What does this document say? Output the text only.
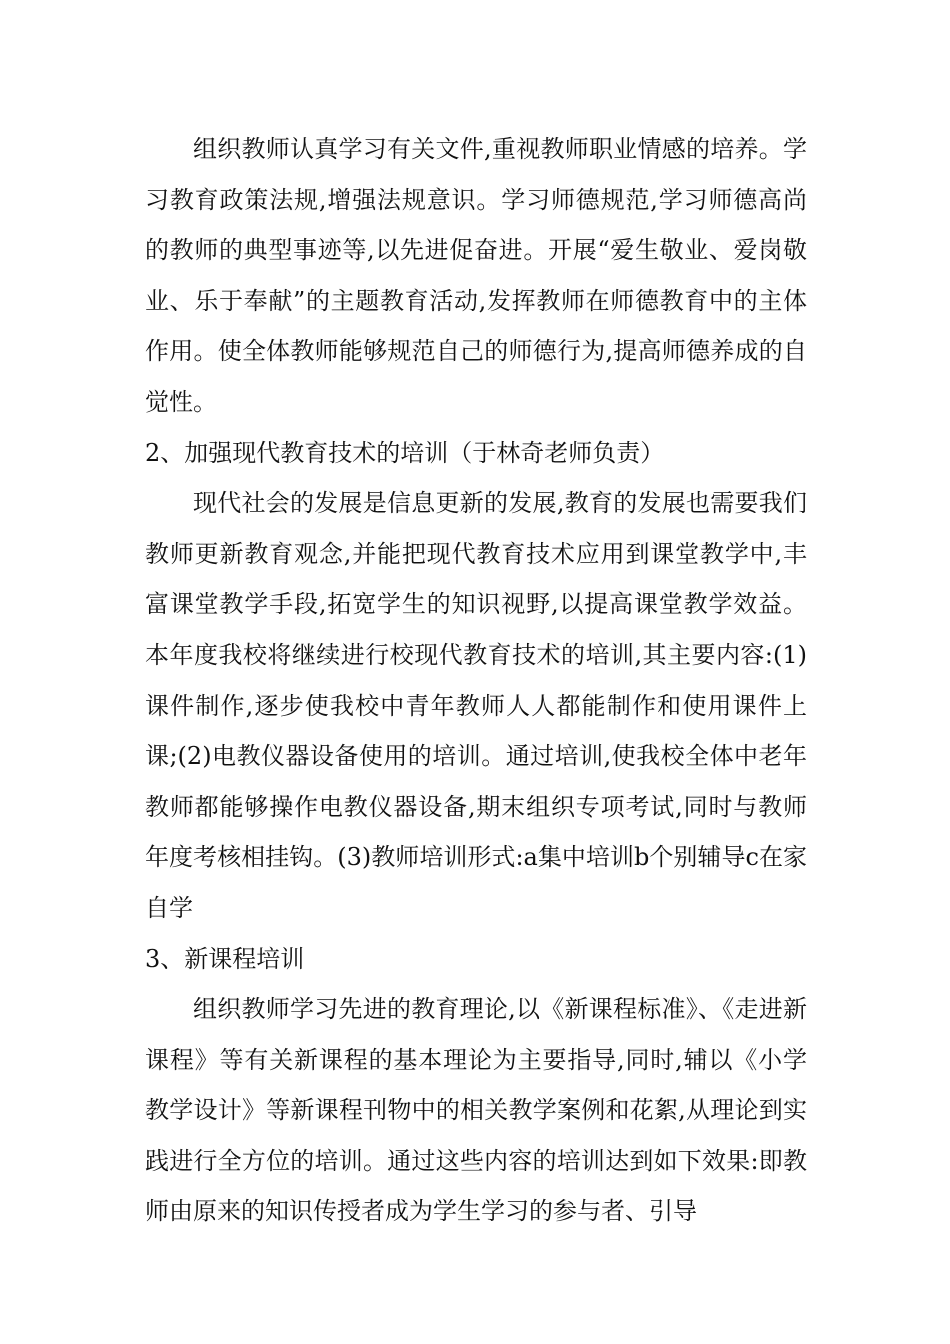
组织教师认真学习有关文件,重视教师职业情感的培养。学习教育政策法规,增强法规意识。学习师德规范,学习师德高尚的教师的典型事迹等,以先进促奋进。开展“爱生敬业、爱岗敬业、乐于奉献”的主题教育活动,发挥教师在师德教育中的主体作用。使全体教师能够规范自己的师德行为,提高师德养成的自觉性。

2、加强现代教育技术的培训（于林奇老师负责）

现代社会的发展是信息更新的发展,教育的发展也需要我们教师更新教育观念,并能把现代教育技术应用到课堂教学中,丰富课堂教学手段,拓宽学生的知识视野,以提高课堂教学效益。本年度我校将继续进行校现代教育技术的培训,其主要内容:(1)课件制作,逐步使我校中青年教师人人都能制作和使用课件上课;(2)电教仪器设备使用的培训。通过培训,使我校全体中老年教师都能够操作电教仪器设备,期末组织专项考试,同时与教师年度考核相挂钩。(3)教师培训形式:a集中培训b个别辅导c在家自学

3、新课程培训

组织教师学习先进的教育理论,以《新课程标准》、《走进新课程》等有关新课程的基本理论为主要指导,同时,辅以《小学教学设计》等新课程刊物中的相关教学案例和花絮,从理论到实践进行全方位的培训。通过这些内容的培训达到如下效果:即教师由原来的知识传授者成为学生学习的参与者、引导
